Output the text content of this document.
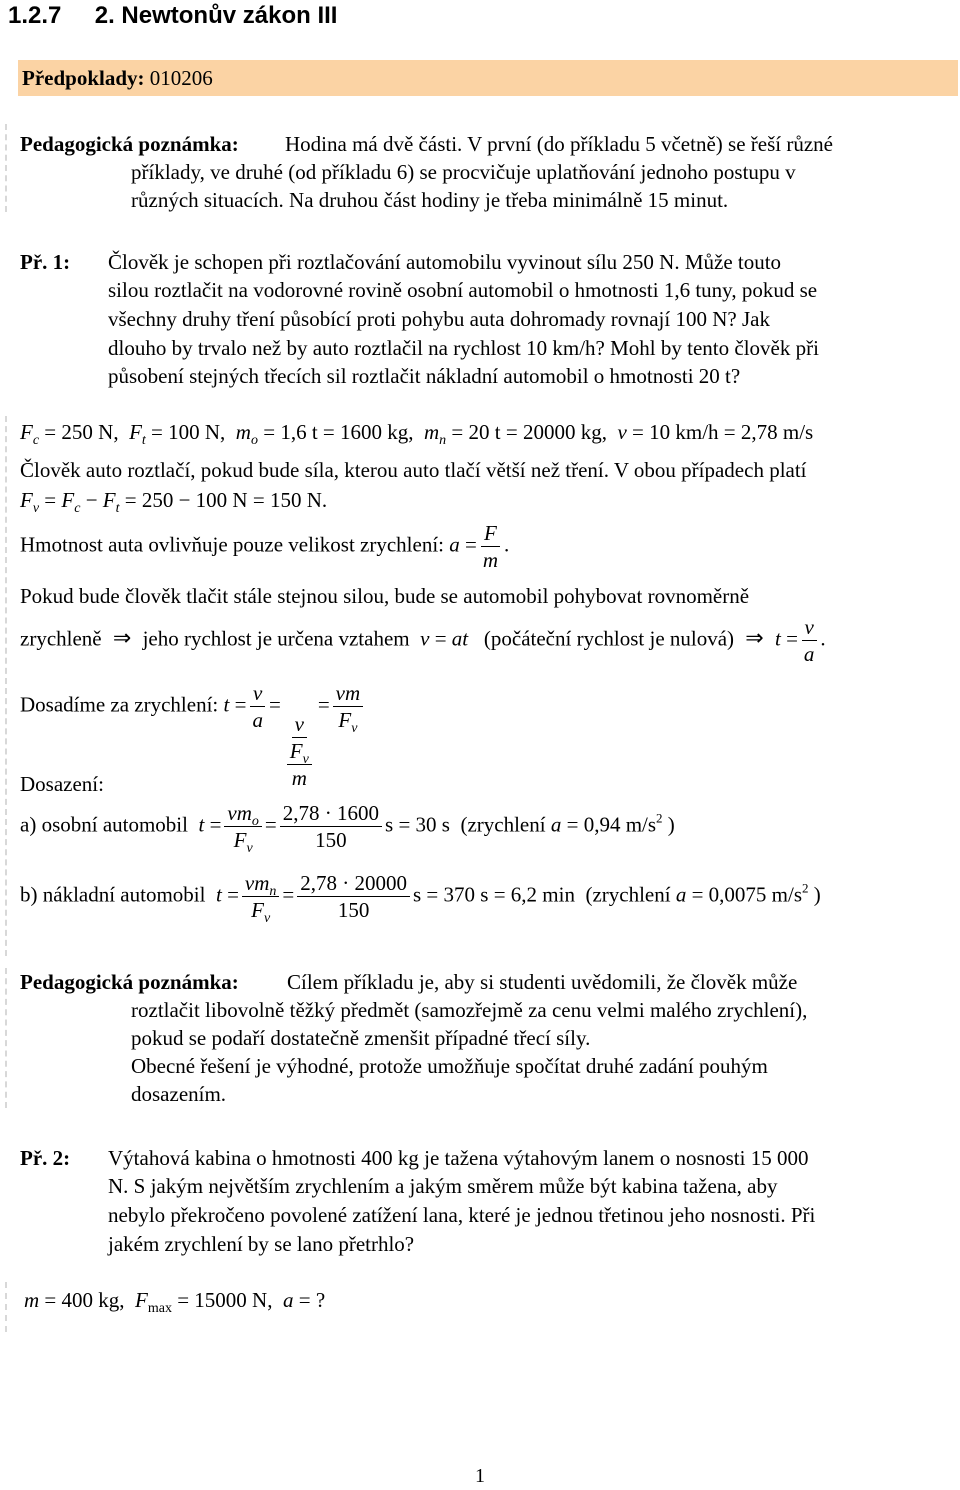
1.2.7 2. Newtonův zákon III
Předpoklady: 010206
Pedagogická poznámka: Hodina má dvě části. V první (do příkladu 5 včetně) se řeší různé
příklady, ve druhé (od příkladu 6) se procvičuje uplatňování jednoho postupu v
různých situacích. Na druhou část hodiny je třeba minimálně 15 minut.
Př. 1: Člověk je schopen při roztlačování automobilu vyvinout sílu 250 N. Může touto
silou roztlačit na vodorovné rovině osobní automobil o hmotnosti 1,6 tuny, pokud se
všechny druhy tření působící proti pohybu auta dohromady rovnají 100 N? Jak
dlouho by trvalo než by auto roztlačil na rychlost 10 km/h? Mohl by tento člověk při
působení stejných třecích sil roztlačit nákladní automobil o hmotnosti 20 t?
$F_c = 250$ N,  $F_t = 100$ N,  $m_o = 1,6$ t = 1600 kg,  $m_n = 20$ t = 20000 kg,  v = 10 km/h = 2,78 m/s
Člověk auto roztlačí, pokud bude síla, kterou auto tlačí větší než tření. V obou případech platí
$F_v = F_c - F_t = 250 - 100$ N = 150 N.
Hmotnost auta ovlivňuje pouze velikost zrychlení: $a = \frac{F}{m}$ .
Pokud bude člověk tlačit stále stejnou silou, bude se automobil pohybovat rovnoměrně
zrychleně ⇒ jeho rychlost je určena vztahem  v = at (počáteční rychlost je nulová) ⇒ $t = \frac{v}{a}$ .
Dosadíme za zrychlení: $t = \frac{v}{a}$ =
$\frac{v}{\frac{F_v}{m}}$
= $\frac{vm}{F_v}$
Dosazení:
a) osobní automobil  $t = \frac{vm_o}{F_v} = \frac{2,78 \cdot 1600}{150}$ s = 30 s (zrychlení a = 0,94 $m/s^2$ )
b) nákladní automobil  $t = \frac{vm_n}{F_v} = \frac{2,78 \cdot 20000}{150}$ s = 370 s = 6,2 min (zrychlení a = 0,0075 $m/s^2$ )
Pedagogická poznámka: Cílem příkladu je, aby si studenti uvědomili, že člověk může
roztlačit libovolně těžký předmět (samozřejmě za cenu velmi malého zrychlení),
pokud se podaří dostatečně zmenšit případné třecí síly.
Obecné řešení je výhodné, protože umožňuje spočítat druhé zadání pouhým
dosazením.
Př. 2: Výtahová kabina o hmotnosti 400 kg je tažena výtahovým lanem o nosnosti 15 000
N. S jakým největším zrychlením a jakým směrem může být kabina tažena, aby
nebylo překročeno povolené zatížení lana, které je jednou třetinou jeho nosnosti. Při
jakém zrychlení by se lano přetrhlo?
m = 400 kg,  $F_{max} = 15000$ N,  a = ?
1
